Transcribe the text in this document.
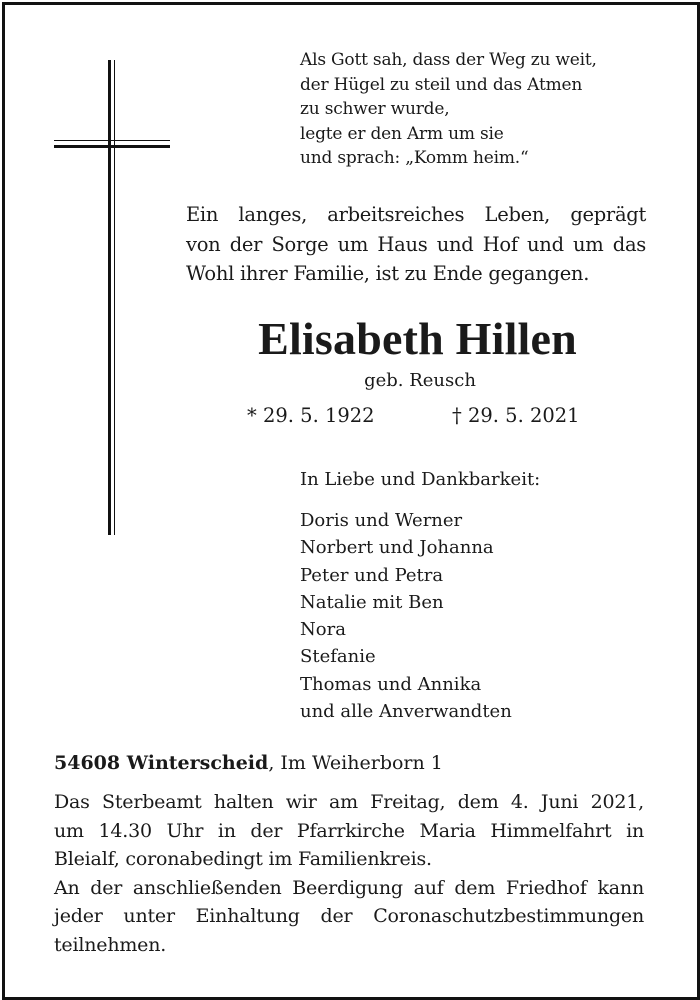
Als Gott sah, dass der Weg zu weit,
der Hügel zu steil und das Atmen
zu schwer wurde,
legte er den Arm um sie
und sprach: „Komm heim.“
Ein langes, arbeitsreiches Leben, geprägt
von der Sorge um Haus und Hof und um das
Wohl ihrer Familie, ist zu Ende gegangen.
Elisabeth Hillen
geb. Reusch
* 29. 5. 1922	† 29. 5. 2021
In Liebe und Dankbarkeit:
Doris und Werner
Norbert und Johanna
Peter und Petra
Natalie mit Ben
Nora
Stefanie
Thomas und Annika
und alle Anverwandten
54608 Winterscheid, Im Weiherborn 1
Das Sterbeamt halten wir am Freitag, dem 4. Juni 2021,
um 14.30 Uhr in der Pfarrkirche Maria Himmelfahrt in
Bleialf, coronabedingt im Familienkreis.
An der anschließenden Beerdigung auf dem Friedhof kann
jeder unter Einhaltung der Coronaschutzbestimmungen
teilnehmen.
